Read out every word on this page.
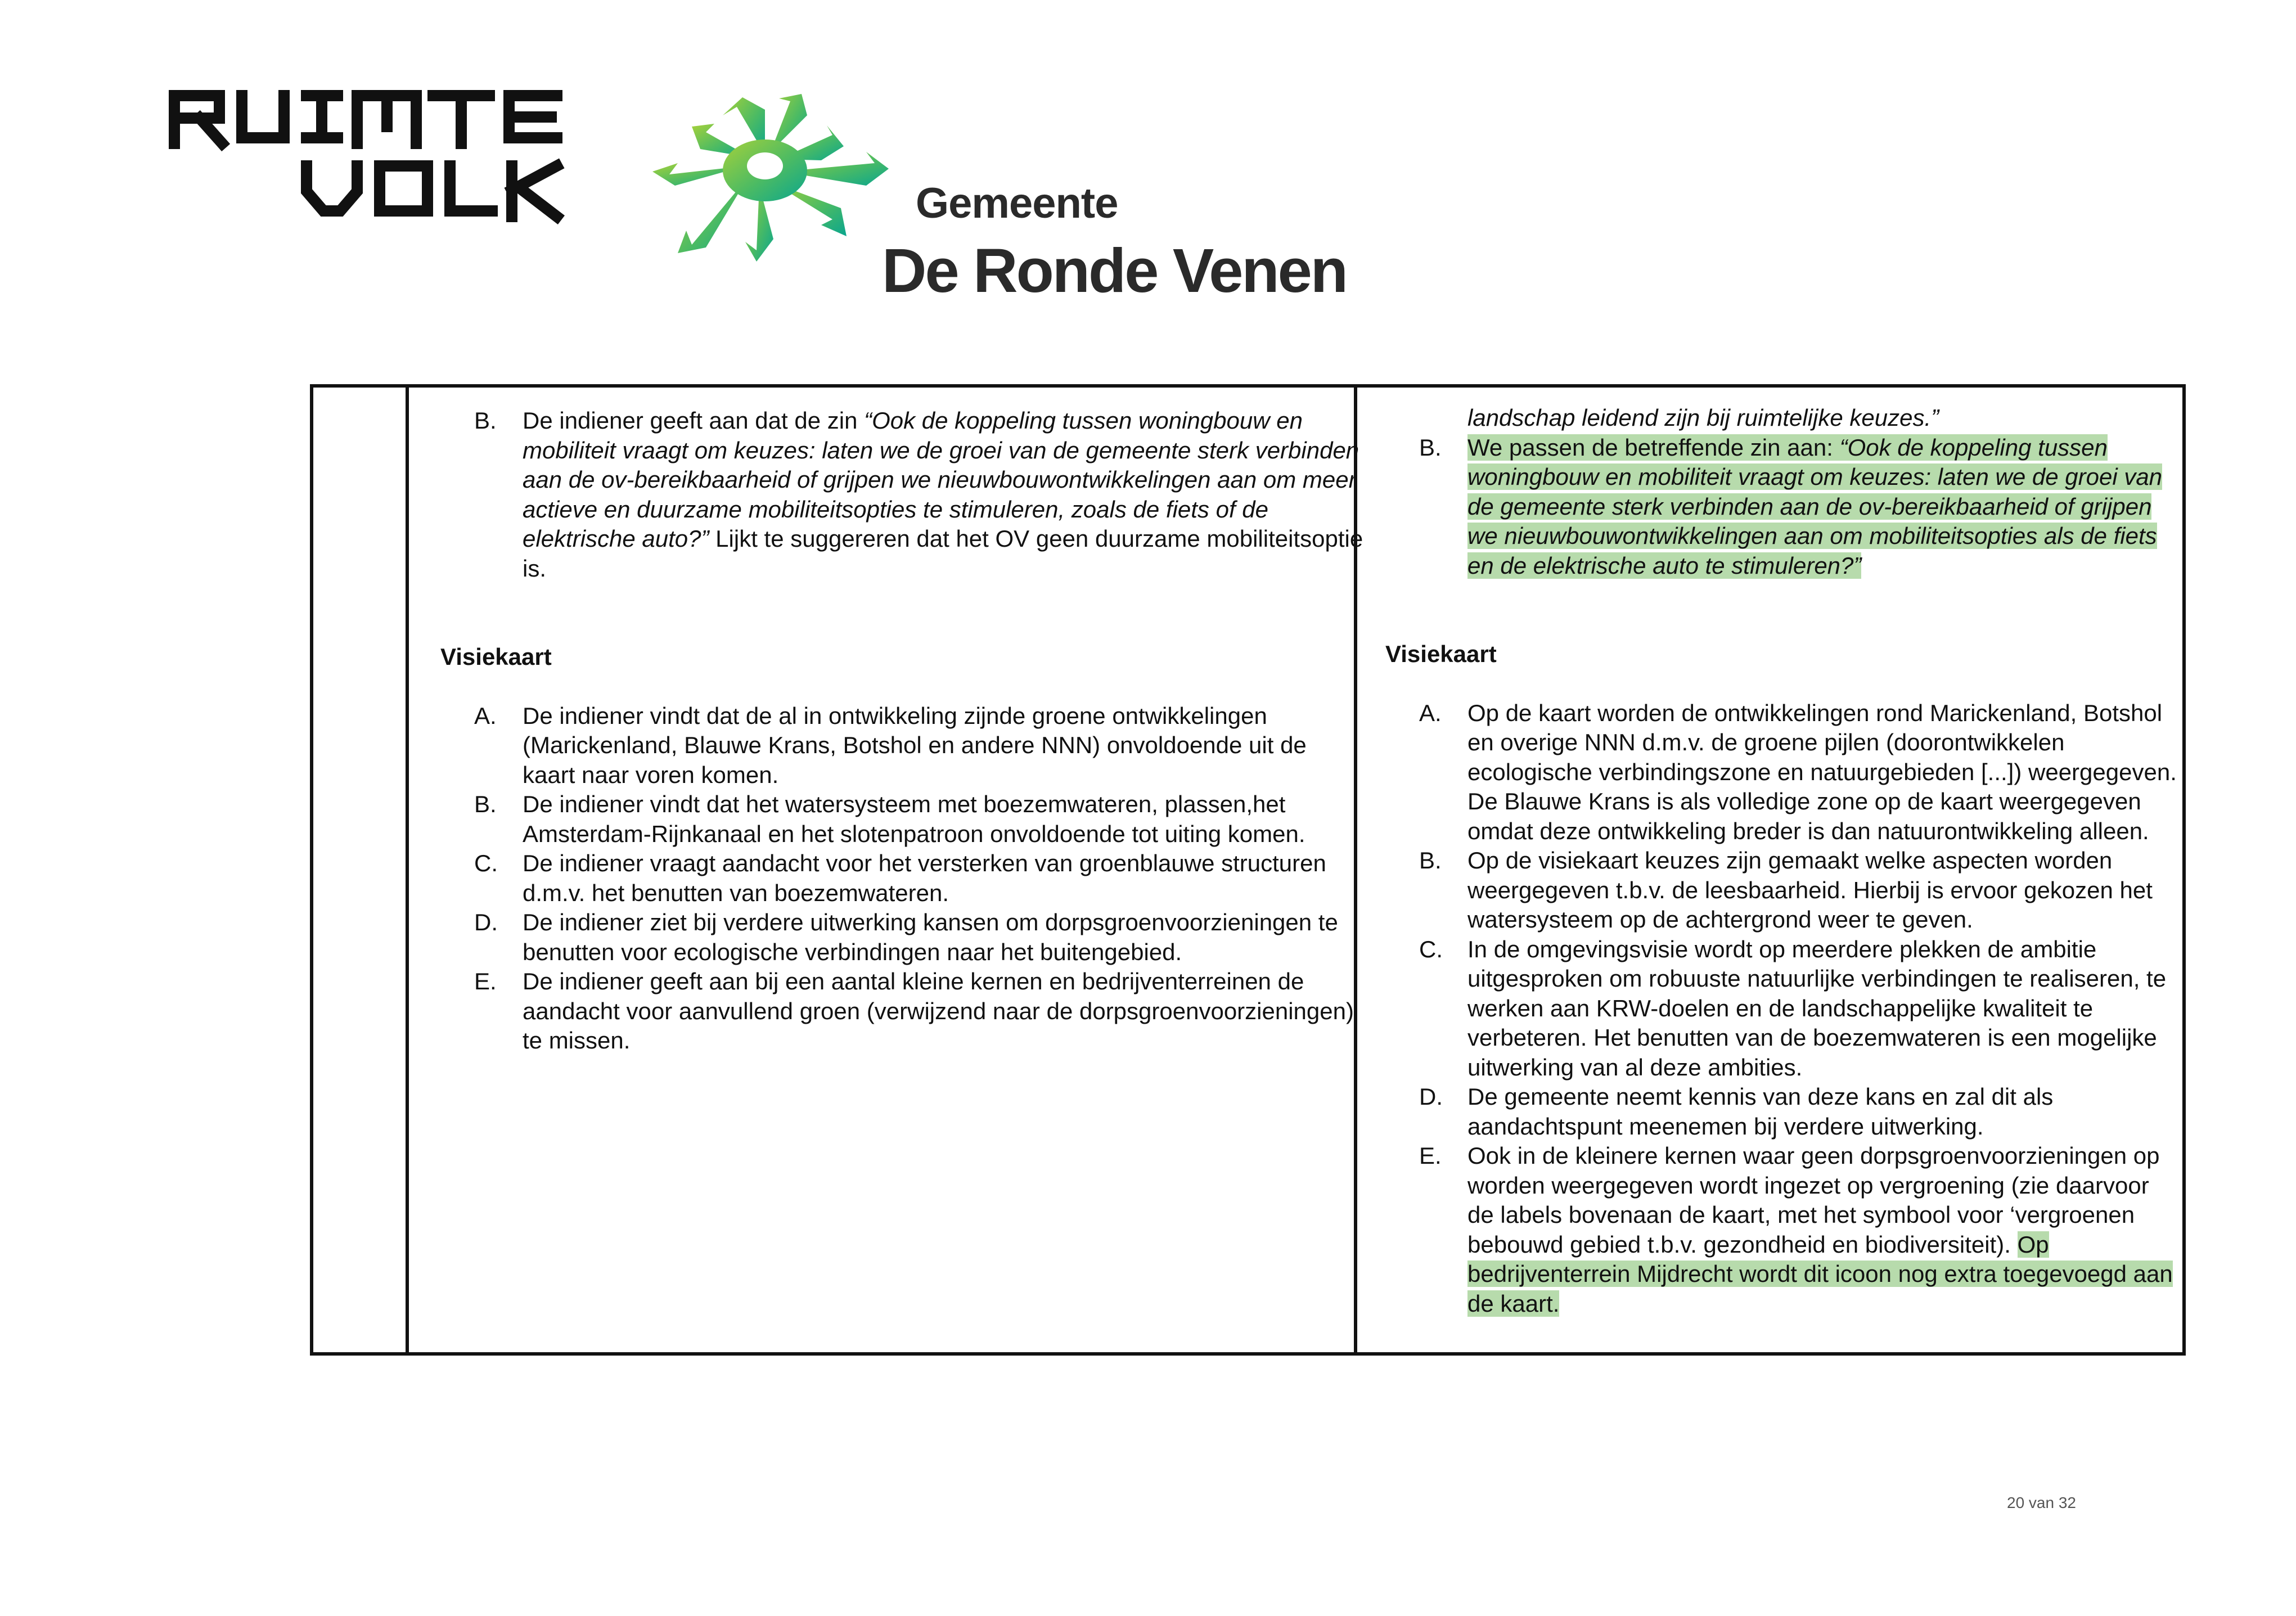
RUIMTE VOLK
Gemeente
De Ronde Venen
B. De indiener geeft aan dat de zin “Ook de koppeling tussen woningbouw en mobiliteit vraagt om keuzes: laten we de groei van de gemeente sterk verbinden aan de ov-bereikbaarheid of grijpen we nieuwbouwontwikkelingen aan om meer actieve en duurzame mobiliteitsopties te stimuleren, zoals de fiets of de elektrische auto?” Lijkt te suggereren dat het OV geen duurzame mobiliteitsoptie is.
Visiekaart
A. De indiener vindt dat de al in ontwikkeling zijnde groene ontwikkelingen (Marickenland, Blauwe Krans, Botshol en andere NNN) onvoldoende uit de kaart naar voren komen.
B. De indiener vindt dat het watersysteem met boezemwateren, plassen,het Amsterdam-Rijnkanaal en het slotenpatroon onvoldoende tot uiting komen.
C. De indiener vraagt aandacht voor het versterken van groenblauwe structuren d.m.v. het benutten van boezemwateren.
D. De indiener ziet bij verdere uitwerking kansen om dorpsgroenvoorzieningen te benutten voor ecologische verbindingen naar het buitengebied.
E. De indiener geeft aan bij een aantal kleine kernen en bedrijventerreinen de aandacht voor aanvullend groen (verwijzend naar de dorpsgroenvoorzieningen) te missen.
landschap leidend zijn bij ruimtelijke keuzes.”
B. We passen de betreffende zin aan: “Ook de koppeling tussen woningbouw en mobiliteit vraagt om keuzes: laten we de groei van de gemeente sterk verbinden aan de ov-bereikbaarheid of grijpen we nieuwbouwontwikkelingen aan om mobiliteitsopties als de fiets en de elektrische auto te stimuleren?”
Visiekaart
A. Op de kaart worden de ontwikkelingen rond Marickenland, Botshol en overige NNN d.m.v. de groene pijlen (doorontwikkelen ecologische verbindingszone en natuurgebieden [...]) weergegeven. De Blauwe Krans is als volledige zone op de kaart weergegeven omdat deze ontwikkeling breder is dan natuurontwikkeling alleen.
B. Op de visiekaart keuzes zijn gemaakt welke aspecten worden weergegeven t.b.v. de leesbaarheid. Hierbij is ervoor gekozen het watersysteem op de achtergrond weer te geven.
C. In de omgevingsvisie wordt op meerdere plekken de ambitie uitgesproken om robuuste natuurlijke verbindingen te realiseren, te werken aan KRW-doelen en de landschappelijke kwaliteit te verbeteren. Het benutten van de boezemwateren is een mogelijke uitwerking van al deze ambities.
D. De gemeente neemt kennis van deze kans en zal dit als aandachtspunt meenemen bij verdere uitwerking.
E. Ook in de kleinere kernen waar geen dorpsgroenvoorzieningen op worden weergegeven wordt ingezet op vergroening (zie daarvoor de labels bovenaan de kaart, met het symbool voor ‘vergroenen bebouwd gebied t.b.v. gezondheid en biodiversiteit). Op bedrijventerrein Mijdrecht wordt dit icoon nog extra toegevoegd aan de kaart.
20 van 32
